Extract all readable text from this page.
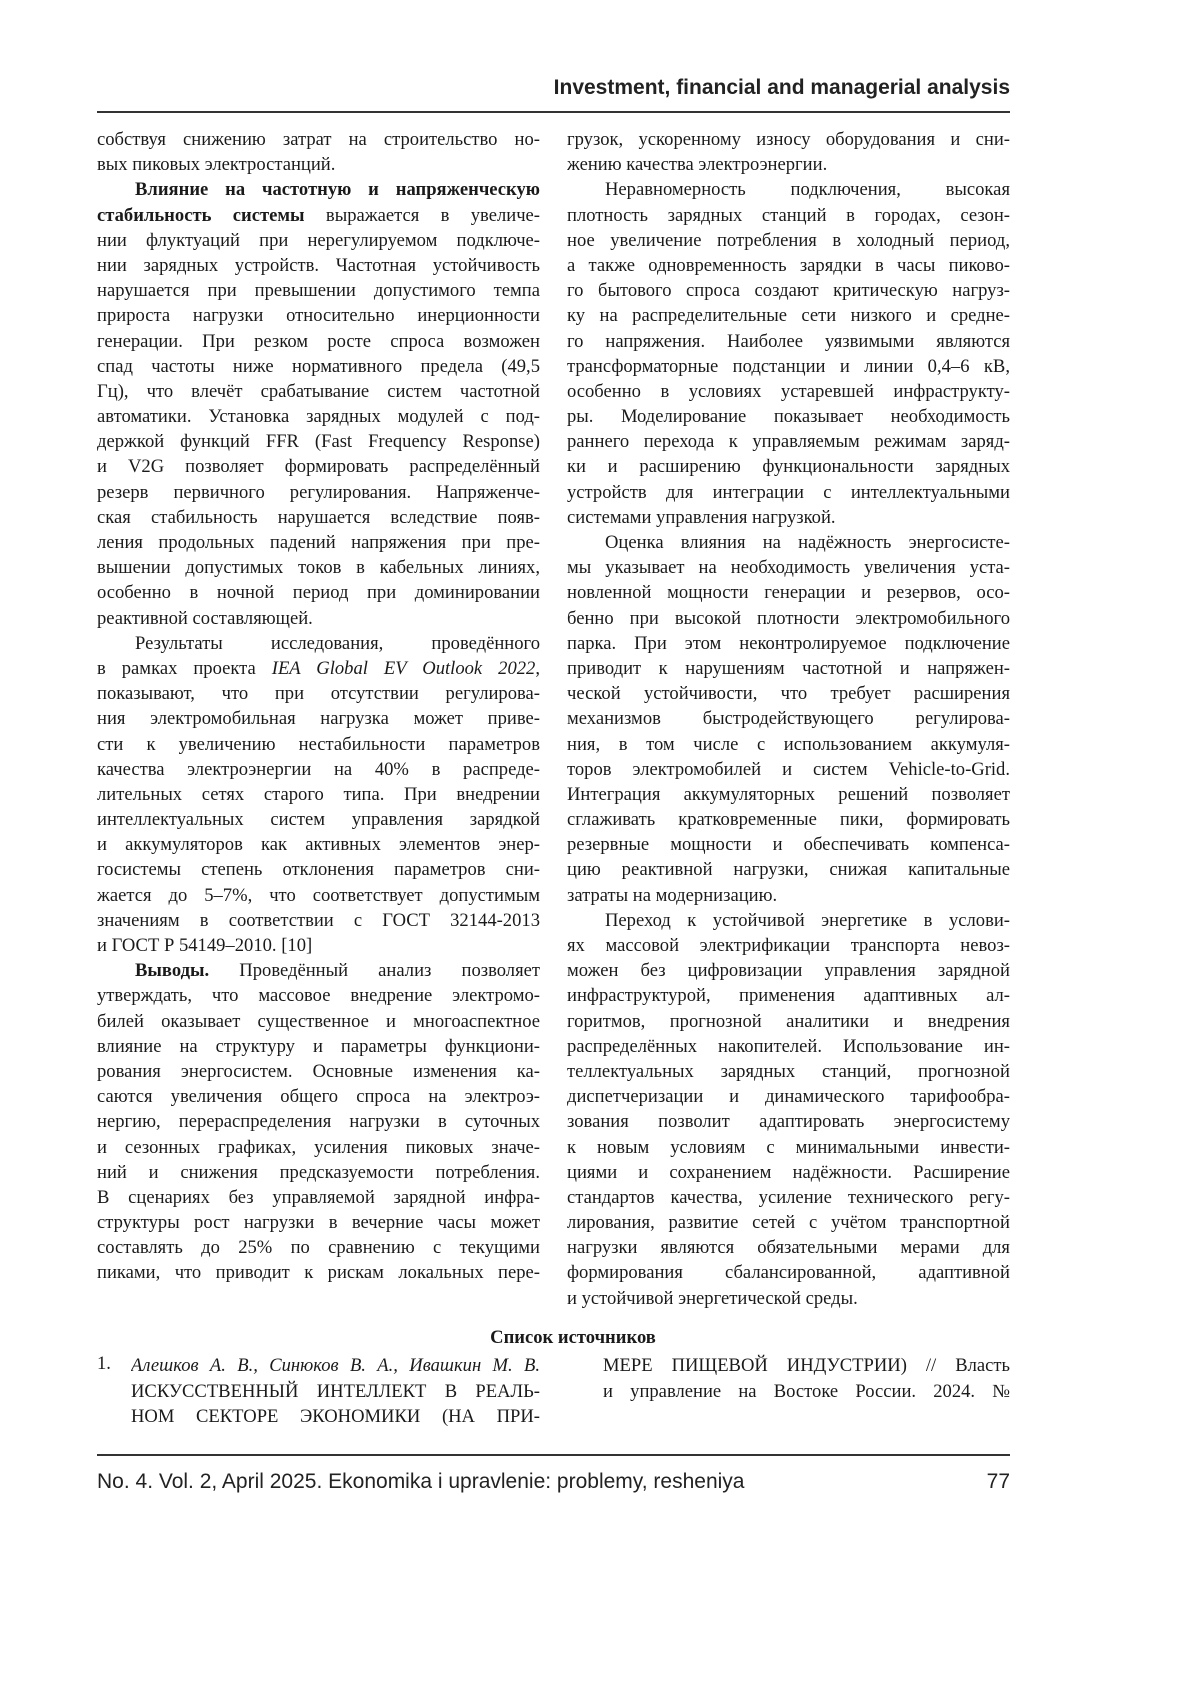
Investment, financial and managerial analysis
собствуя снижению затрат на строительство но-
вых пиковых электростанций.
Влияние на частотную и напряженческую
стабильность системы выражается в увеличе-
нии флуктуаций при нерегулируемом подключе-
нии зарядных устройств. Частотная устойчивость
нарушается при превышении допустимого темпа
прироста нагрузки относительно инерционности
генерации. При резком росте спроса возможен
спад частоты ниже нормативного предела (49,5
Гц), что влечёт срабатывание систем частотной
автоматики. Установка зарядных модулей с под-
держкой функций FFR (Fast Frequency Response)
и V2G позволяет формировать распределённый
резерв первичного регулирования. Напряженче-
ская стабильность нарушается вследствие появ-
ления продольных падений напряжения при пре-
вышении допустимых токов в кабельных линиях,
особенно в ночной период при доминировании
реактивной составляющей.
Результаты исследования, проведённого
в рамках проекта IEA Global EV Outlook 2022,
показывают, что при отсутствии регулирова-
ния электромобильная нагрузка может приве-
сти к увеличению нестабильности параметров
качества электроэнергии на 40% в распреде-
лительных сетях старого типа. При внедрении
интеллектуальных систем управления зарядкой
и аккумуляторов как активных элементов энер-
госистемы степень отклонения параметров сни-
жается до 5–7%, что соответствует допустимым
значениям в соответствии с ГОСТ 32144-2013
и ГОСТ Р 54149–2010. [10]
Выводы. Проведённый анализ позволяет
утверждать, что массовое внедрение электромо-
билей оказывает существенное и многоаспектное
влияние на структуру и параметры функциони-
рования энергосистем. Основные изменения ка-
саются увеличения общего спроса на электроэ-
нергию, перераспределения нагрузки в суточных
и сезонных графиках, усиления пиковых значе-
ний и снижения предсказуемости потребления.
В сценариях без управляемой зарядной инфра-
структуры рост нагрузки в вечерние часы может
составлять до 25% по сравнению с текущими
пиками, что приводит к рискам локальных пере-
грузок, ускоренному износу оборудования и сни-
жению качества электроэнергии.
Неравномерность подключения, высокая
плотность зарядных станций в городах, сезон-
ное увеличение потребления в холодный период,
а также одновременность зарядки в часы пиково-
го бытового спроса создают критическую нагруз-
ку на распределительные сети низкого и средне-
го напряжения. Наиболее уязвимыми являются
трансформаторные подстанции и линии 0,4–6 кВ,
особенно в условиях устаревшей инфраструкту-
ры. Моделирование показывает необходимость
раннего перехода к управляемым режимам заряд-
ки и расширению функциональности зарядных
устройств для интеграции с интеллектуальными
системами управления нагрузкой.
Оценка влияния на надёжность энергосисте-
мы указывает на необходимость увеличения уста-
новленной мощности генерации и резервов, осо-
бенно при высокой плотности электромобильного
парка. При этом неконтролируемое подключение
приводит к нарушениям частотной и напряжен-
ческой устойчивости, что требует расширения
механизмов быстродействующего регулирова-
ния, в том числе с использованием аккумуля-
торов электромобилей и систем Vehicle-to-Grid.
Интеграция аккумуляторных решений позволяет
сглаживать кратковременные пики, формировать
резервные мощности и обеспечивать компенса-
цию реактивной нагрузки, снижая капитальные
затраты на модернизацию.
Переход к устойчивой энергетике в услови-
ях массовой электрификации транспорта невоз-
можен без цифровизации управления зарядной
инфраструктурой, применения адаптивных ал-
горитмов, прогнозной аналитики и внедрения
распределённых накопителей. Использование ин-
теллектуальных зарядных станций, прогнозной
диспетчеризации и динамического тарифообра-
зования позволит адаптировать энергосистему
к новым условиям с минимальными инвести-
циями и сохранением надёжности. Расширение
стандартов качества, усиление технического регу-
лирования, развитие сетей с учётом транспортной
нагрузки являются обязательными мерами для
формирования сбалансированной, адаптивной
и устойчивой энергетической среды.
Список источников
1. Алешков А. В., Синюков В. А., Ивашкин М. В.
ИСКУССТВЕННЫЙ ИНТЕЛЛЕКТ В РЕАЛЬ-
НОМ СЕКТОРЕ ЭКОНОМИКИ (НА ПРИ-
МЕРЕ ПИЩЕВОЙ ИНДУСТРИИ) // Власть
и управление на Востоке России. 2024. №
No. 4. Vol. 2, April 2025. Ekonomika i upravlenie: problemy, resheniya	77
